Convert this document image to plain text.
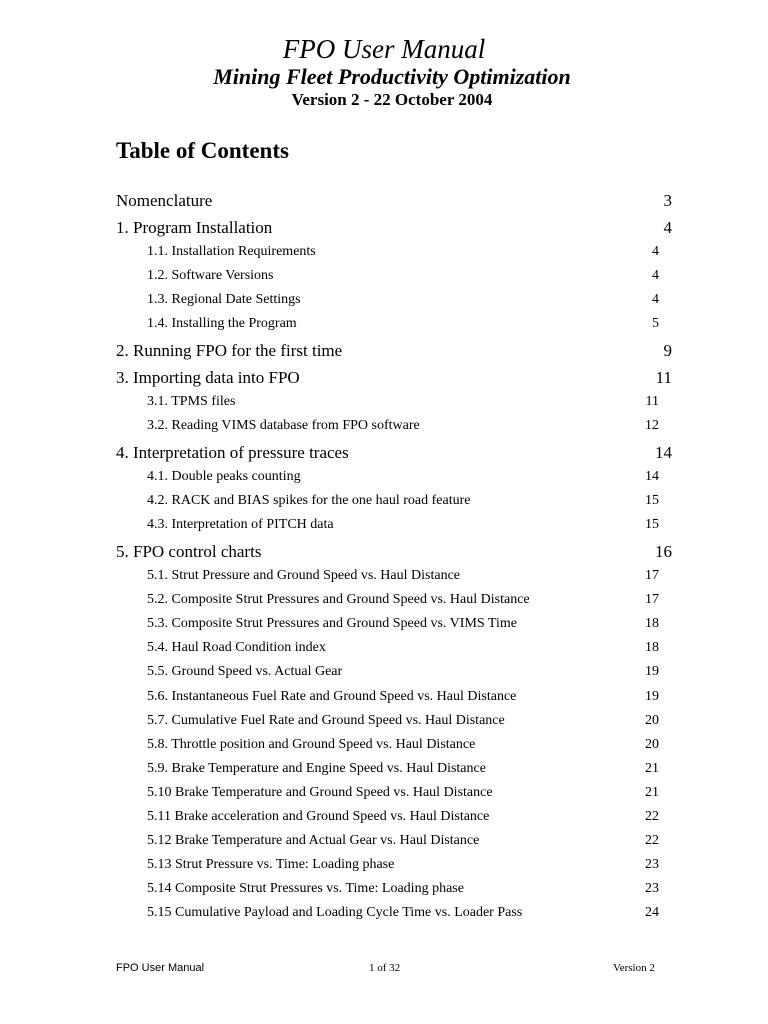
FPO User Manual
Mining Fleet Productivity Optimization
Version 2 - 22 October 2004
Table of Contents
Nomenclature	3
1. Program Installation	4
1.1. Installation Requirements	4
1.2. Software Versions	4
1.3. Regional Date Settings	4
1.4. Installing the Program	5
2. Running FPO for the first time	9
3. Importing data into FPO	11
3.1. TPMS files	11
3.2. Reading VIMS database from FPO software	12
4. Interpretation of pressure traces	14
4.1. Double peaks counting	14
4.2. RACK and BIAS spikes for the one haul road feature	15
4.3. Interpretation of PITCH data	15
5. FPO control charts	16
5.1. Strut Pressure and Ground Speed vs. Haul Distance	17
5.2. Composite Strut Pressures and Ground Speed vs. Haul Distance	17
5.3. Composite Strut Pressures and Ground Speed vs. VIMS Time	18
5.4. Haul Road Condition index	18
5.5. Ground Speed vs. Actual Gear	19
5.6. Instantaneous Fuel Rate and Ground Speed vs. Haul Distance	19
5.7. Cumulative Fuel Rate and Ground Speed vs. Haul Distance	20
5.8. Throttle position and Ground Speed vs. Haul Distance	20
5.9. Brake Temperature and Engine Speed vs. Haul Distance	21
5.10 Brake Temperature and Ground Speed vs. Haul Distance	21
5.11 Brake acceleration and Ground Speed vs. Haul Distance	22
5.12 Brake Temperature and Actual Gear vs. Haul Distance	22
5.13 Strut Pressure vs. Time: Loading phase	23
5.14 Composite Strut Pressures vs. Time: Loading phase	23
5.15 Cumulative Payload and Loading Cycle Time vs. Loader Pass	24
FPO User Manual	1 of 32	Version 2
